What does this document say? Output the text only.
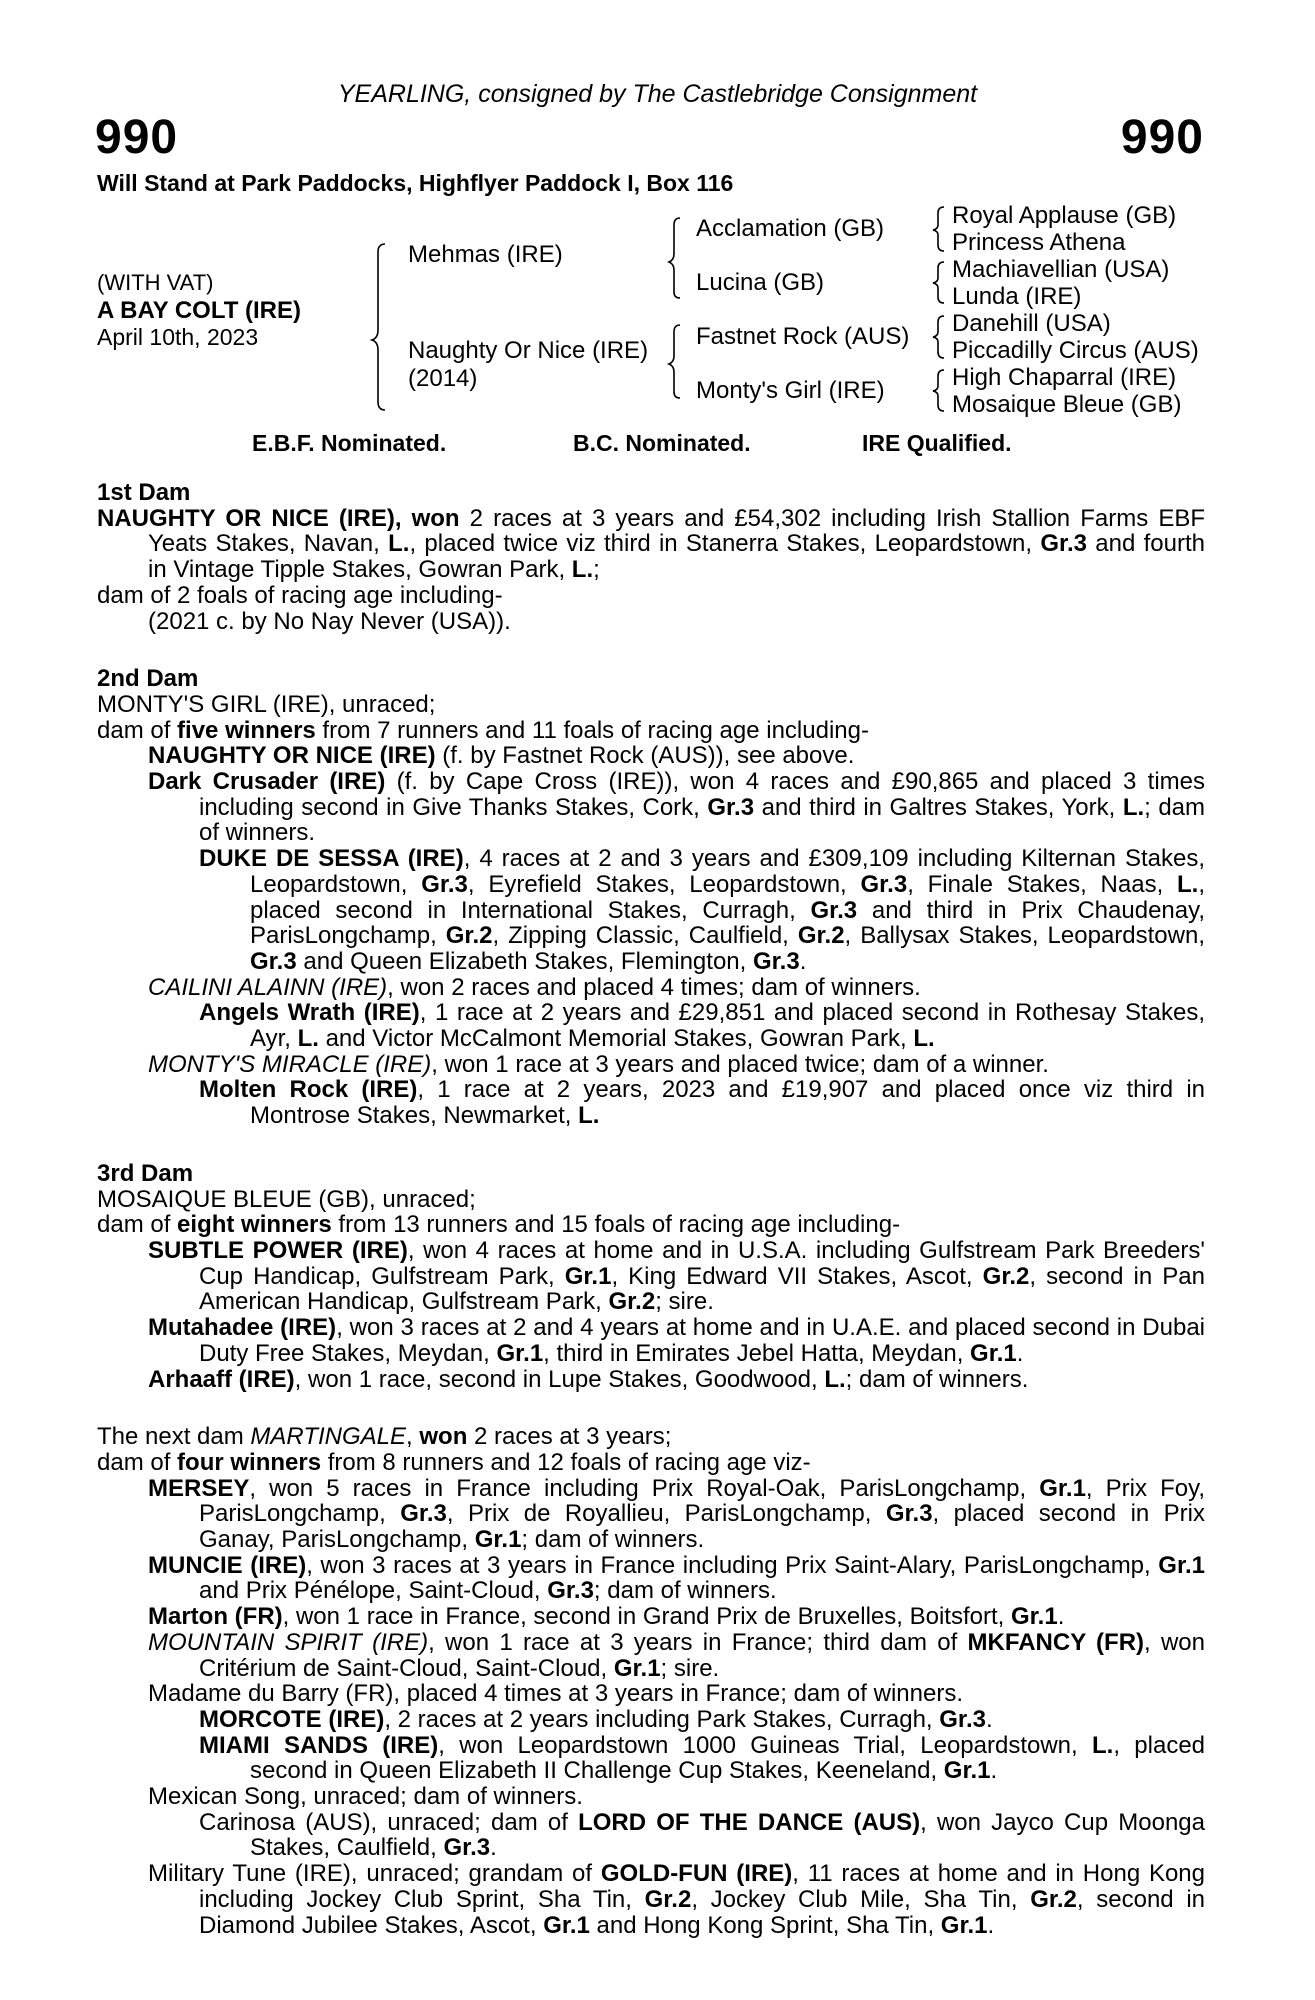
YEARLING, consigned by The Castlebridge Consignment
990	990
Will Stand at Park Paddocks, Highflyer Paddock I, Box 116
(WITH VAT)
A BAY COLT (IRE)
April 10th, 2023
Mehmas (IRE)
Naughty Or Nice (IRE)
(2014)
Acclamation (GB)
Lucina (GB)
Fastnet Rock (AUS)
Monty's Girl (IRE)
Royal Applause (GB)
Princess Athena
Machiavellian (USA)
Lunda (IRE)
Danehill (USA)
Piccadilly Circus (AUS)
High Chaparral (IRE)
Mosaique Bleue (GB)
E.B.F. Nominated.	B.C. Nominated.	IRE Qualified.

1st Dam

NAUGHTY OR NICE (IRE), won 2 races at 3 years and £54,302 including Irish Stallion Farms EBF Yeats Stakes, Navan, L., placed twice viz third in Stanerra Stakes, Leopardstown, Gr.3 and fourth in Vintage Tipple Stakes, Gowran Park, L.;

dam of 2 foals of racing age including-

(2021 c. by No Nay Never (USA)).

2nd Dam

MONTY'S GIRL (IRE), unraced;

dam of five winners from 7 runners and 11 foals of racing age including-

NAUGHTY OR NICE (IRE) (f. by Fastnet Rock (AUS)), see above.

Dark Crusader (IRE) (f. by Cape Cross (IRE)), won 4 races and £90,865 and placed 3 times including second in Give Thanks Stakes, Cork, Gr.3 and third in Galtres Stakes, York, L.; dam of winners.

DUKE DE SESSA (IRE), 4 races at 2 and 3 years and £309,109 including Kilternan Stakes, Leopardstown, Gr.3, Eyrefield Stakes, Leopardstown, Gr.3, Finale Stakes, Naas, L., placed second in International Stakes, Curragh, Gr.3 and third in Prix Chaudenay, ParisLongchamp, Gr.2, Zipping Classic, Caulfield, Gr.2, Ballysax Stakes, Leopardstown, Gr.3 and Queen Elizabeth Stakes, Flemington, Gr.3.

CAILINI ALAINN (IRE), won 2 races and placed 4 times; dam of winners.

Angels Wrath (IRE), 1 race at 2 years and £29,851 and placed second in Rothesay Stakes, Ayr, L. and Victor McCalmont Memorial Stakes, Gowran Park, L.

MONTY'S MIRACLE (IRE), won 1 race at 3 years and placed twice; dam of a winner.

Molten Rock (IRE), 1 race at 2 years, 2023 and £19,907 and placed once viz third in Montrose Stakes, Newmarket, L.

3rd Dam

MOSAIQUE BLEUE (GB), unraced;

dam of eight winners from 13 runners and 15 foals of racing age including-

SUBTLE POWER (IRE), won 4 races at home and in U.S.A. including Gulfstream Park Breeders' Cup Handicap, Gulfstream Park, Gr.1, King Edward VII Stakes, Ascot, Gr.2, second in Pan American Handicap, Gulfstream Park, Gr.2; sire.

Mutahadee (IRE), won 3 races at 2 and 4 years at home and in U.A.E. and placed second in Dubai Duty Free Stakes, Meydan, Gr.1, third in Emirates Jebel Hatta, Meydan, Gr.1.

Arhaaff (IRE), won 1 race, second in Lupe Stakes, Goodwood, L.; dam of winners.

The next dam MARTINGALE, won 2 races at 3 years;

dam of four winners from 8 runners and 12 foals of racing age viz-

MERSEY, won 5 races in France including Prix Royal-Oak, ParisLongchamp, Gr.1, Prix Foy, ParisLongchamp, Gr.3, Prix de Royallieu, ParisLongchamp, Gr.3, placed second in Prix Ganay, ParisLongchamp, Gr.1; dam of winners.

MUNCIE (IRE), won 3 races at 3 years in France including Prix Saint-Alary, ParisLongchamp, Gr.1 and Prix Pénélope, Saint-Cloud, Gr.3; dam of winners.

Marton (FR), won 1 race in France, second in Grand Prix de Bruxelles, Boitsfort, Gr.1.

MOUNTAIN SPIRIT (IRE), won 1 race at 3 years in France; third dam of MKFANCY (FR), won Critérium de Saint-Cloud, Saint-Cloud, Gr.1; sire.

Madame du Barry (FR), placed 4 times at 3 years in France; dam of winners.

MORCOTE (IRE), 2 races at 2 years including Park Stakes, Curragh, Gr.3.

MIAMI SANDS (IRE), won Leopardstown 1000 Guineas Trial, Leopardstown, L., placed second in Queen Elizabeth II Challenge Cup Stakes, Keeneland, Gr.1.

Mexican Song, unraced; dam of winners.

Carinosa (AUS), unraced; dam of LORD OF THE DANCE (AUS), won Jayco Cup Moonga Stakes, Caulfield, Gr.3.

Military Tune (IRE), unraced; grandam of GOLD-FUN (IRE), 11 races at home and in Hong Kong including Jockey Club Sprint, Sha Tin, Gr.2, Jockey Club Mile, Sha Tin, Gr.2, second in Diamond Jubilee Stakes, Ascot, Gr.1 and Hong Kong Sprint, Sha Tin, Gr.1.
